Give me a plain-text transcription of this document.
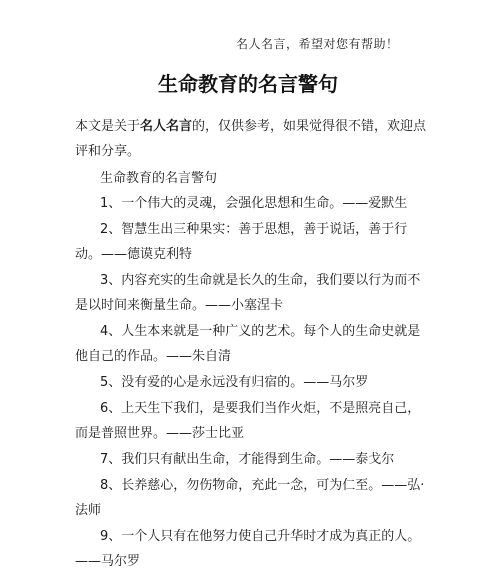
名人名言，希望对您有帮助！
生命教育的名言警句
本文是关于名人名言的，仅供参考，如果觉得很不错，欢迎点评和分享。
生命教育的名言警句
1、一个伟大的灵魂，会强化思想和生命。——爱默生
2、智慧生出三种果实：善于思想，善于说话，善于行动。——德谟克利特
3、内容充实的生命就是长久的生命，我们要以行为而不是以时间来衡量生命。——小塞涅卡
4、人生本来就是一种广义的艺术。每个人的生命史就是他自己的作品。——朱自清
5、没有爱的心是永远没有归宿的。——马尔罗
6、上天生下我们，是要我们当作火炬，不是照亮自己，而是普照世界。——莎士比亚
7、我们只有献出生命，才能得到生命。——泰戈尔
8、长养慈心，勿伤物命，充此一念，可为仁至。——弘·法师
9、一个人只有在他努力使自己升华时才成为真正的人。——马尔罗
